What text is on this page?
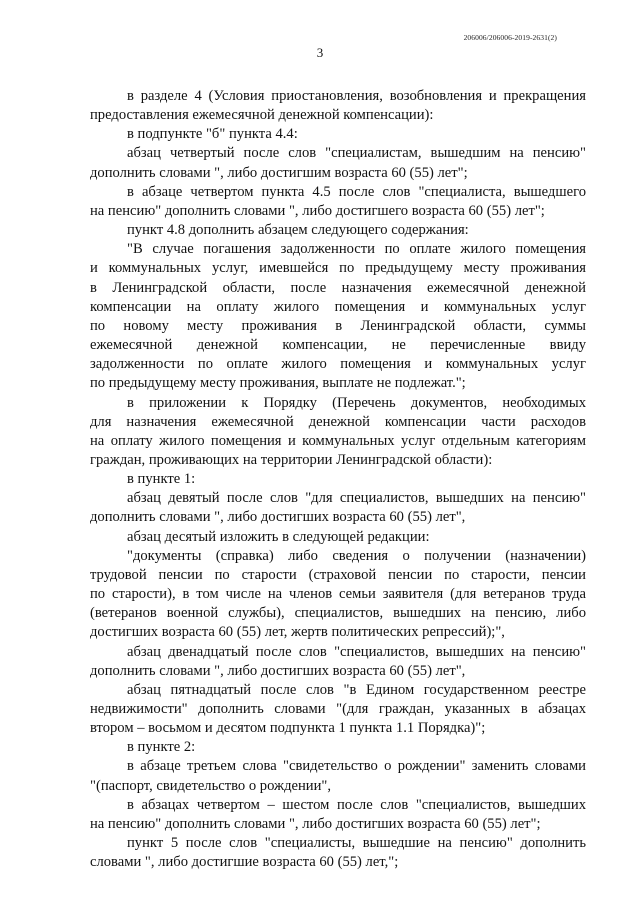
206006/206006-2019-2631(2)
3

в разделе 4 (Условия приостановления, возобновления и прекращения

предоставления ежемесячной денежной компенсации):

в подпункте "б" пункта 4.4:

абзац четвертый после слов "специалистам, вышедшим на пенсию"

дополнить словами ", либо достигшим возраста 60 (55) лет";

в абзаце четвертом пункта 4.5 после слов "специалиста, вышедшего

на пенсию" дополнить словами ", либо достигшего возраста 60 (55) лет";

пункт 4.8 дополнить абзацем следующего содержания:

"В случае погашения задолженности по оплате жилого помещения

и коммунальных услуг, имевшейся по предыдущему месту проживания

в Ленинградской области, после назначения ежемесячной денежной

компенсации на оплату жилого помещения и коммунальных услуг

по новому месту проживания в Ленинградской области, суммы

ежемесячной денежной компенсации, не перечисленные ввиду

задолженности по оплате жилого помещения и коммунальных услуг

по предыдущему месту проживания, выплате не подлежат.";

в приложении к Порядку (Перечень документов, необходимых

для назначения ежемесячной денежной компенсации части расходов

на оплату жилого помещения и коммунальных услуг отдельным категориям

граждан, проживающих на территории Ленинградской области):

в пункте 1:

абзац девятый после слов "для специалистов, вышедших на пенсию"

дополнить словами ", либо достигших возраста 60 (55) лет",

абзац десятый изложить в следующей редакции:

"документы (справка) либо сведения о получении (назначении)

трудовой пенсии по старости (страховой пенсии по старости, пенсии

по старости), в том числе на членов семьи заявителя (для ветеранов труда

(ветеранов военной службы), специалистов, вышедших на пенсию, либо

достигших возраста 60 (55) лет, жертв политических репрессий);",

абзац двенадцатый после слов "специалистов, вышедших на пенсию"

дополнить словами ", либо достигших возраста 60 (55) лет",

абзац пятнадцатый после слов "в Едином государственном реестре

недвижимости" дополнить словами "(для граждан, указанных в абзацах

втором – восьмом и десятом подпункта 1 пункта 1.1 Порядка)";

в пункте 2:

в абзаце третьем слова "свидетельство о рождении" заменить словами

"(паспорт, свидетельство о рождении",

в абзацах четвертом – шестом после слов "специалистов, вышедших

на пенсию" дополнить словами ", либо достигших возраста 60 (55) лет";

пункт 5 после слов "специалисты, вышедшие на пенсию" дополнить

словами ", либо достигшие возраста 60 (55) лет,";
